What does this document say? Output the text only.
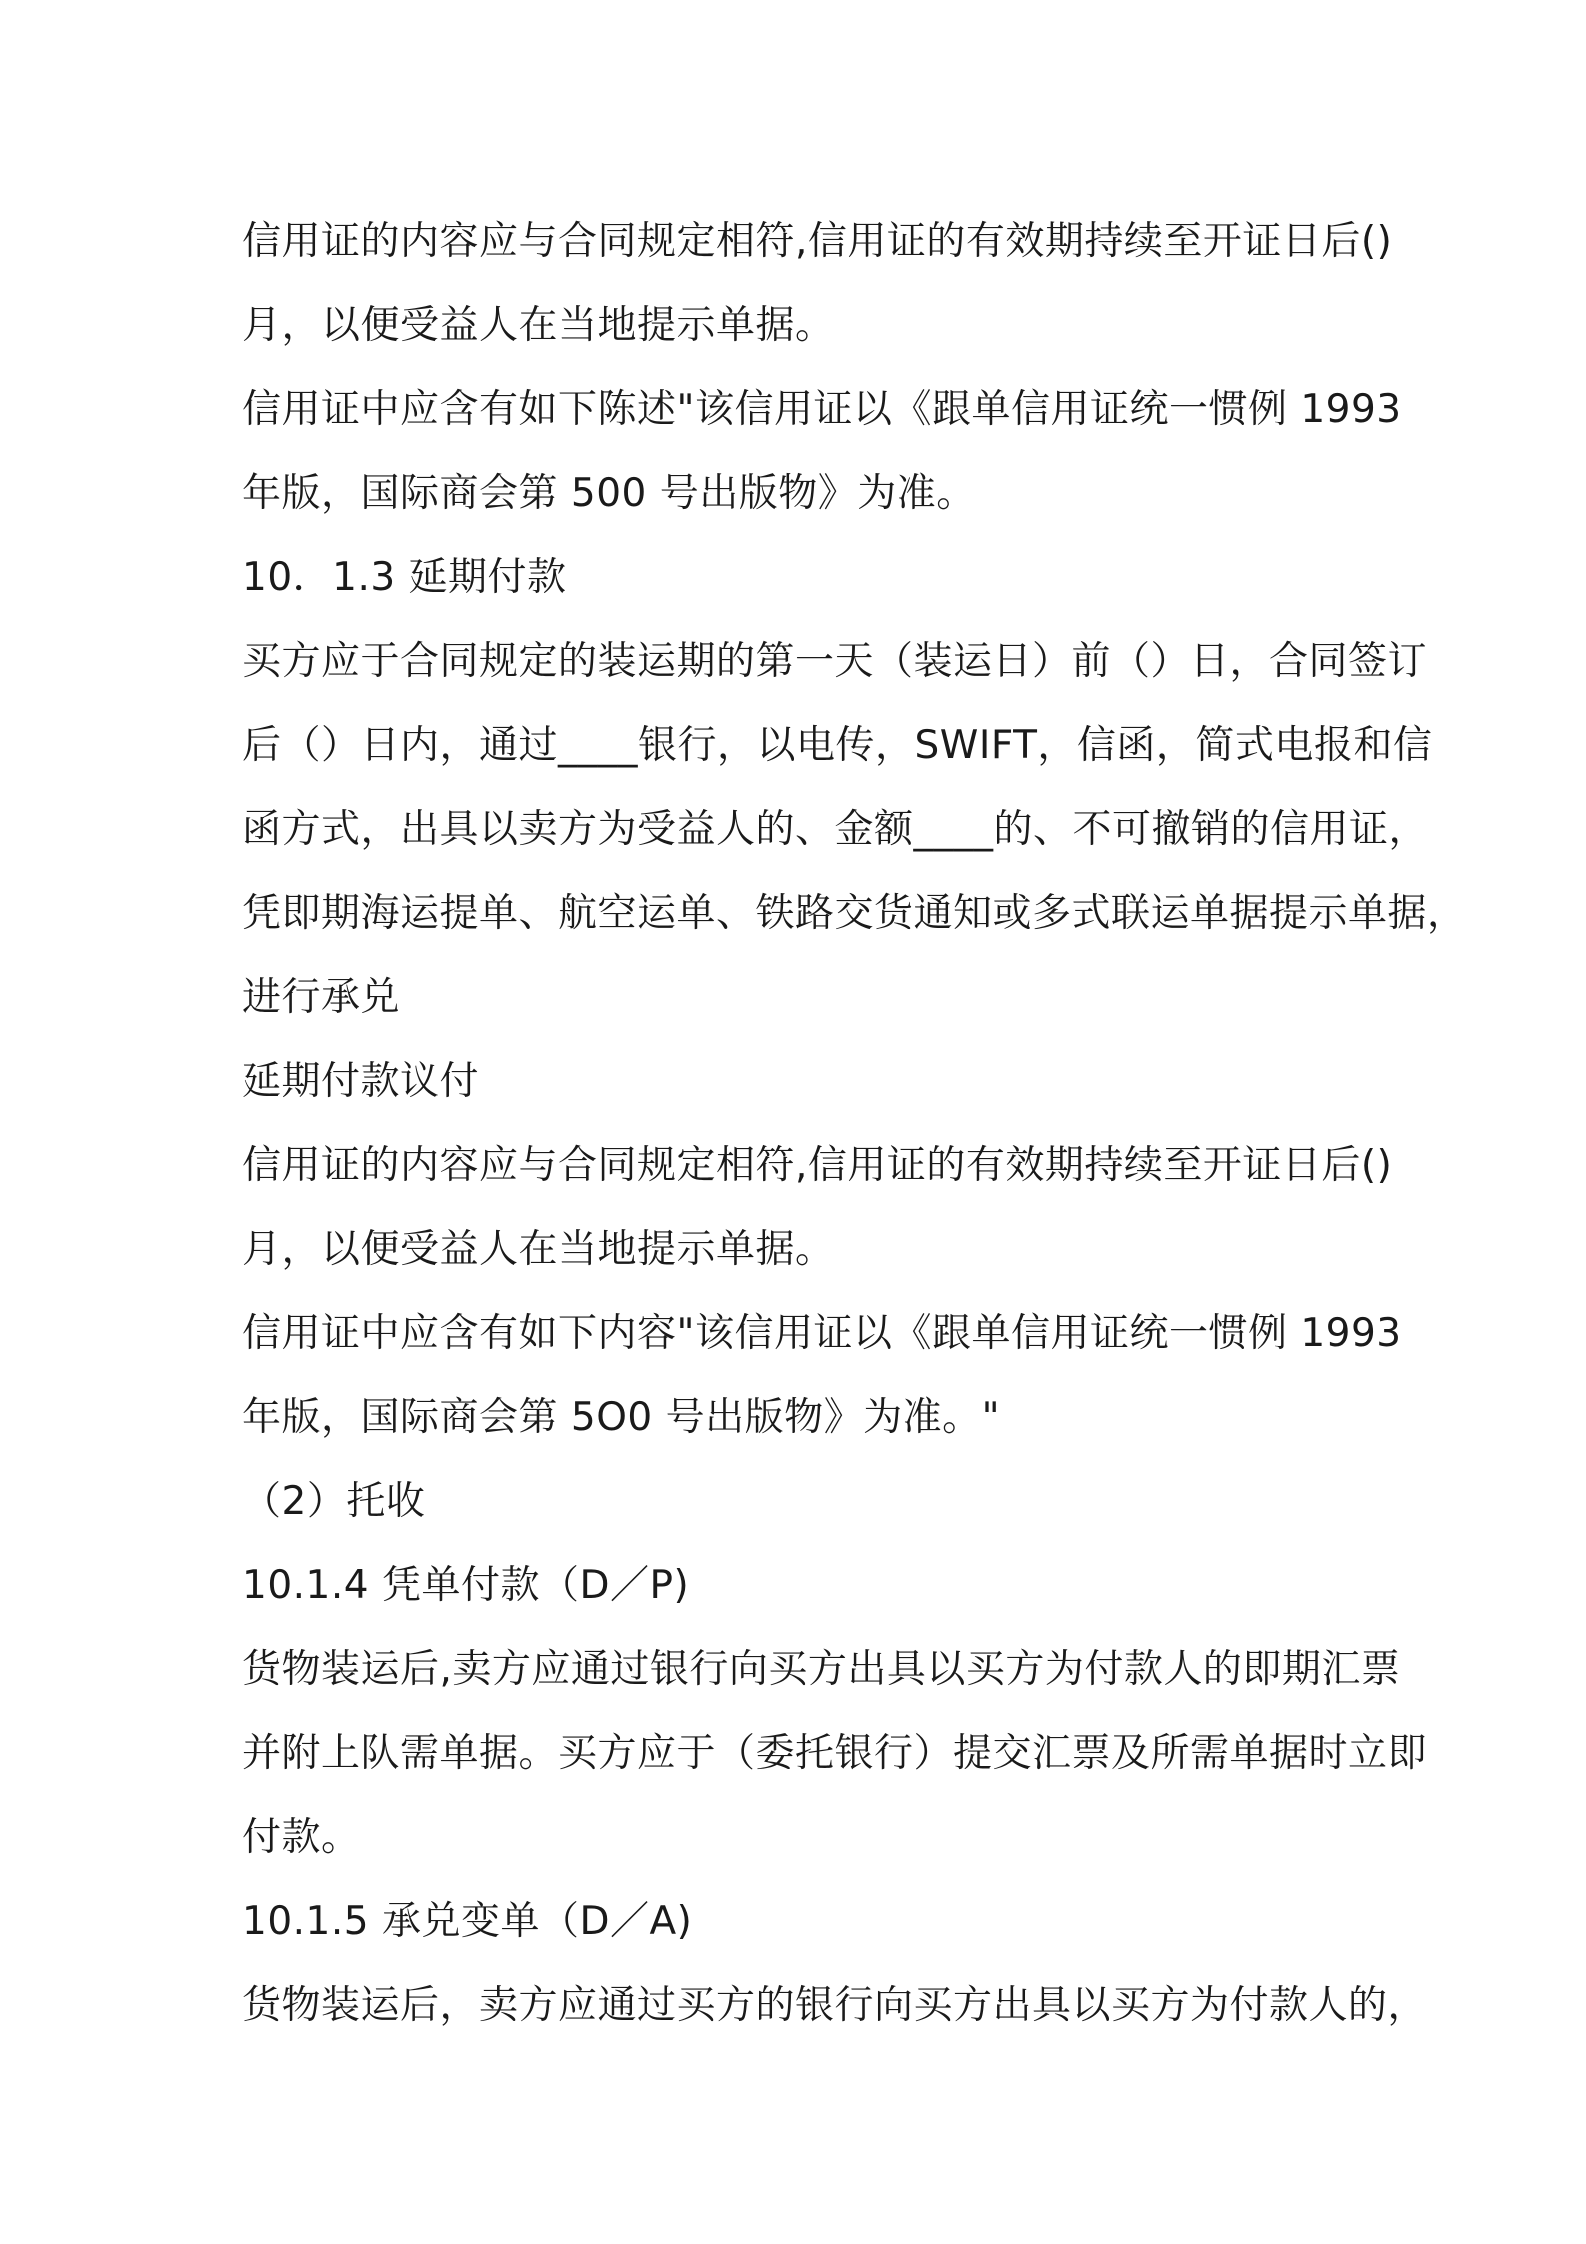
信用证的内容应与合同规定相符,信用证的有效期持续至开证日后()

月，以便受益人在当地提示单据。

信用证中应含有如下陈述"该信用证以《跟单信用证统一惯例 1993

年版，国际商会第 500 号出版物》为准。

10．1.3 延期付款

买方应于合同规定的装运期的第一天（装运日）前（）日，合同签订

后（）日内，通过____银行，以电传，SWIFT，信函，简式电报和信

函方式，出具以卖方为受益人的、金额____的、不可撤销的信用证，

凭即期海运提单、航空运单、铁路交货通知或多式联运单据提示单据，

进行承兑

延期付款议付

信用证的内容应与合同规定相符,信用证的有效期持续至开证日后()

月，以便受益人在当地提示单据。

信用证中应含有如下内容"该信用证以《跟单信用证统一惯例 1993

年版，国际商会第 5O0 号出版物》为准。"

（2）托收

10.1.4 凭单付款（D／P)

货物装运后,卖方应通过银行向买方出具以买方为付款人的即期汇票

并附上队需单据。买方应于（委托银行）提交汇票及所需单据时立即

付款。

10.1.5 承兑变单（D／A)

货物装运后，卖方应通过买方的银行向买方出具以买方为付款人的，
